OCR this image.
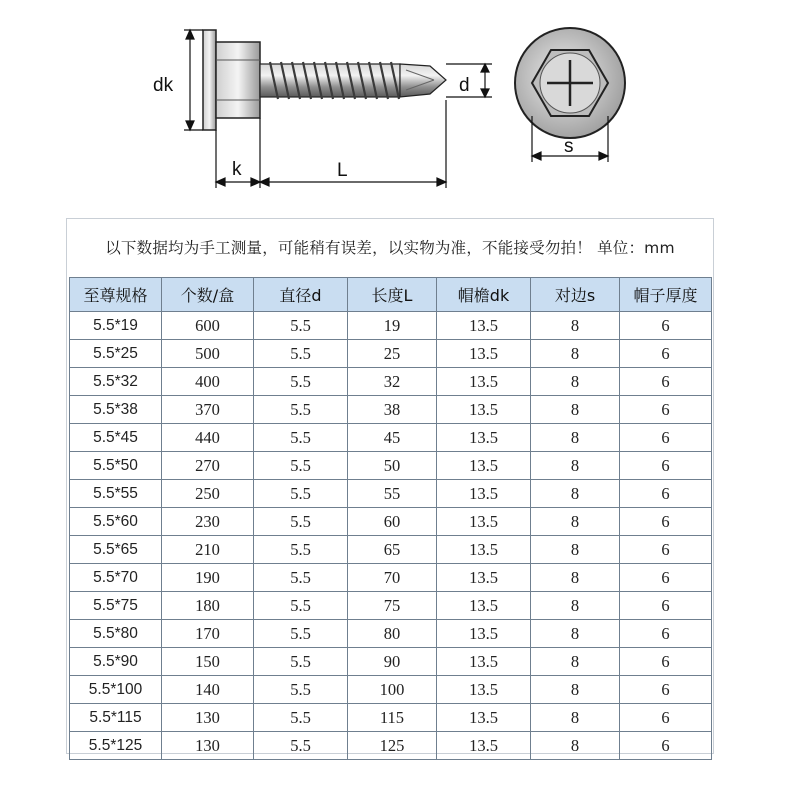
dk	d
k	L
s
以下数据均为手工测量，可能稍有误差，以实物为准，不能接受勿拍！ 单位：mm
至尊规格	个数/盒	直径d	长度L	帽檐dk	对边s	帽子厚度
5.5*19	600	5.5	19	13.5	8	6
5.5*25	500	5.5	25	13.5	8	6
5.5*32	400	5.5	32	13.5	8	6
5.5*38	370	5.5	38	13.5	8	6
5.5*45	440	5.5	45	13.5	8	6
5.5*50	270	5.5	50	13.5	8	6
5.5*55	250	5.5	55	13.5	8	6
5.5*60	230	5.5	60	13.5	8	6
5.5*65	210	5.5	65	13.5	8	6
5.5*70	190	5.5	70	13.5	8	6
5.5*75	180	5.5	75	13.5	8	6
5.5*80	170	5.5	80	13.5	8	6
5.5*90	150	5.5	90	13.5	8	6
5.5*100	140	5.5	100	13.5	8	6
5.5*115	130	5.5	115	13.5	8	6
5.5*125	130	5.5	125	13.5	8	6
